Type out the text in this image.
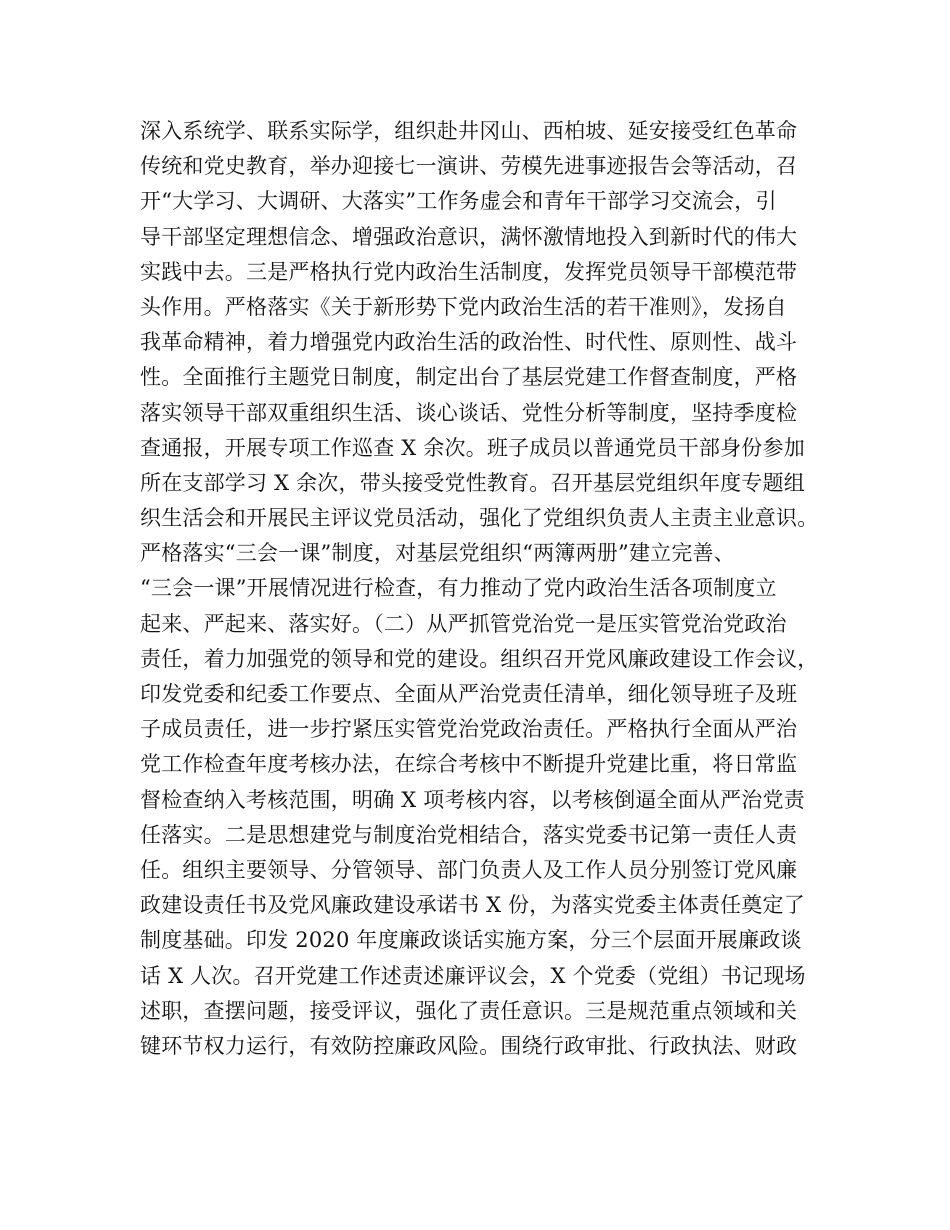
深入系统学、联系实际学，组织赴井冈山、西柏坡、延安接受红色革命
传统和党史教育，举办迎接七一演讲、劳模先进事迹报告会等活动，召
开“大学习、大调研、大落实”工作务虚会和青年干部学习交流会，引
导干部坚定理想信念、增强政治意识，满怀激情地投入到新时代的伟大
实践中去。三是严格执行党内政治生活制度，发挥党员领导干部模范带
头作用。严格落实《关于新形势下党内政治生活的若干准则》，发扬自
我革命精神，着力增强党内政治生活的政治性、时代性、原则性、战斗
性。全面推行主题党日制度，制定出台了基层党建工作督查制度，严格
落实领导干部双重组织生活、谈心谈话、党性分析等制度，坚持季度检
查通报，开展专项工作巡查 X 余次。班子成员以普通党员干部身份参加
所在支部学习 X 余次，带头接受党性教育。召开基层党组织年度专题组
织生活会和开展民主评议党员活动，强化了党组织负责人主责主业意识。
严格落实“三会一课”制度，对基层党组织“两簿两册”建立完善、
“三会一课”开展情况进行检查，有力推动了党内政治生活各项制度立
起来、严起来、落实好。（二）从严抓管党治党一是压实管党治党政治
责任，着力加强党的领导和党的建设。组织召开党风廉政建设工作会议，
印发党委和纪委工作要点、全面从严治党责任清单，细化领导班子及班
子成员责任，进一步拧紧压实管党治党政治责任。严格执行全面从严治
党工作检查年度考核办法，在综合考核中不断提升党建比重，将日常监
督检查纳入考核范围，明确 X 项考核内容，以考核倒逼全面从严治党责
任落实。二是思想建党与制度治党相结合，落实党委书记第一责任人责
任。组织主要领导、分管领导、部门负责人及工作人员分别签订党风廉
政建设责任书及党风廉政建设承诺书 X 份，为落实党委主体责任奠定了
制度基础。印发 2020 年度廉政谈话实施方案，分三个层面开展廉政谈
话 X 人次。召开党建工作述责述廉评议会，X 个党委（党组）书记现场
述职，查摆问题，接受评议，强化了责任意识。三是规范重点领域和关
键环节权力运行，有效防控廉政风险。围绕行政审批、行政执法、财政
